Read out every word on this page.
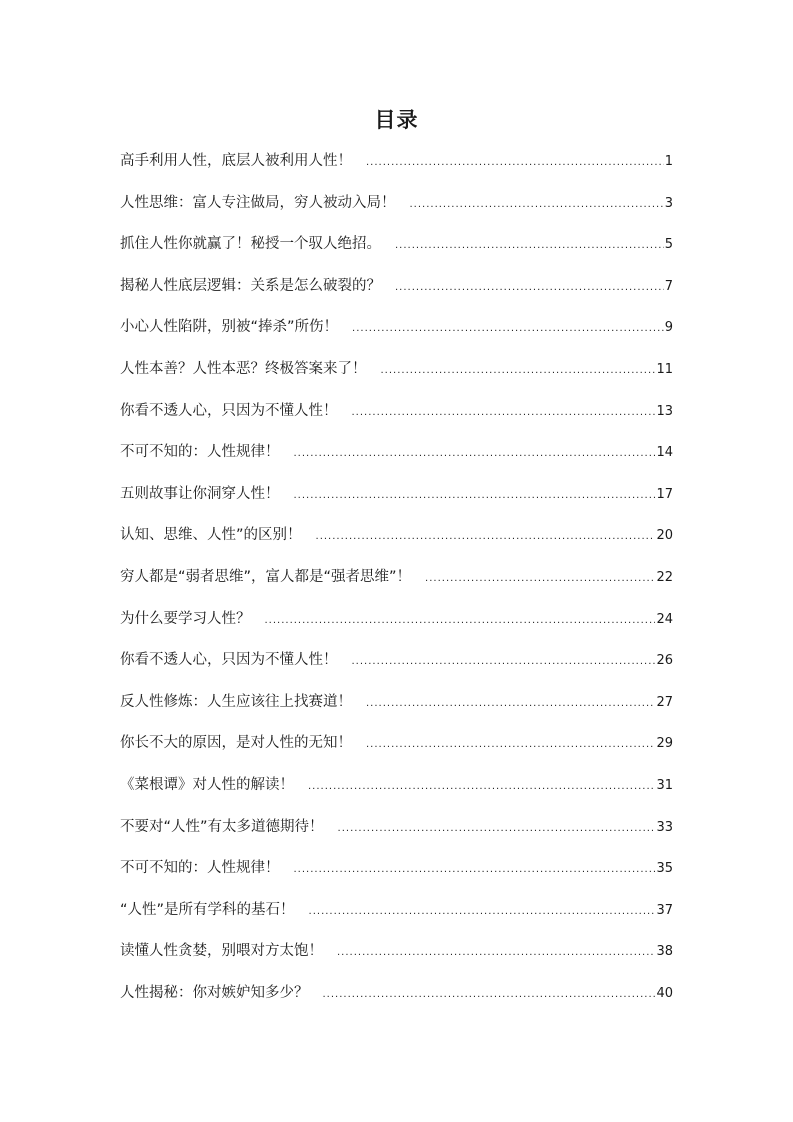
目录
高手利用人性，底层人被利用人性！ .....	1
人性思维：富人专注做局，穷人被动入局！ .....	3
抓住人性你就赢了！秘授一个驭人绝招。 .....	5
揭秘人性底层逻辑：关系是怎么破裂的？ .....	7
小心人性陷阱，别被“捧杀”所伤！ .....	9
人性本善？人性本恶？终极答案来了！ .....	11
你看不透人心，只因为不懂人性！ .....	13
不可不知的：人性规律！ .....	14
五则故事让你洞穿人性！ .....	17
认知、思维、人性”的区别！ .....	20
穷人都是“弱者思维”，富人都是“强者思维”！ .....	22
为什么要学习人性？ .....	24
你看不透人心，只因为不懂人性！ .....	26
反人性修炼：人生应该往上找赛道！ .....	27
你长不大的原因，是对人性的无知！ .....	29
《菜根谭》对人性的解读！ .....	31
不要对“人性”有太多道德期待！ .....	33
不可不知的：人性规律！ .....	35
“人性”是所有学科的基石！ .....	37
读懂人性贪婪，别喂对方太饱！ .....	38
人性揭秘：你对嫉妒知多少？ .....	40
